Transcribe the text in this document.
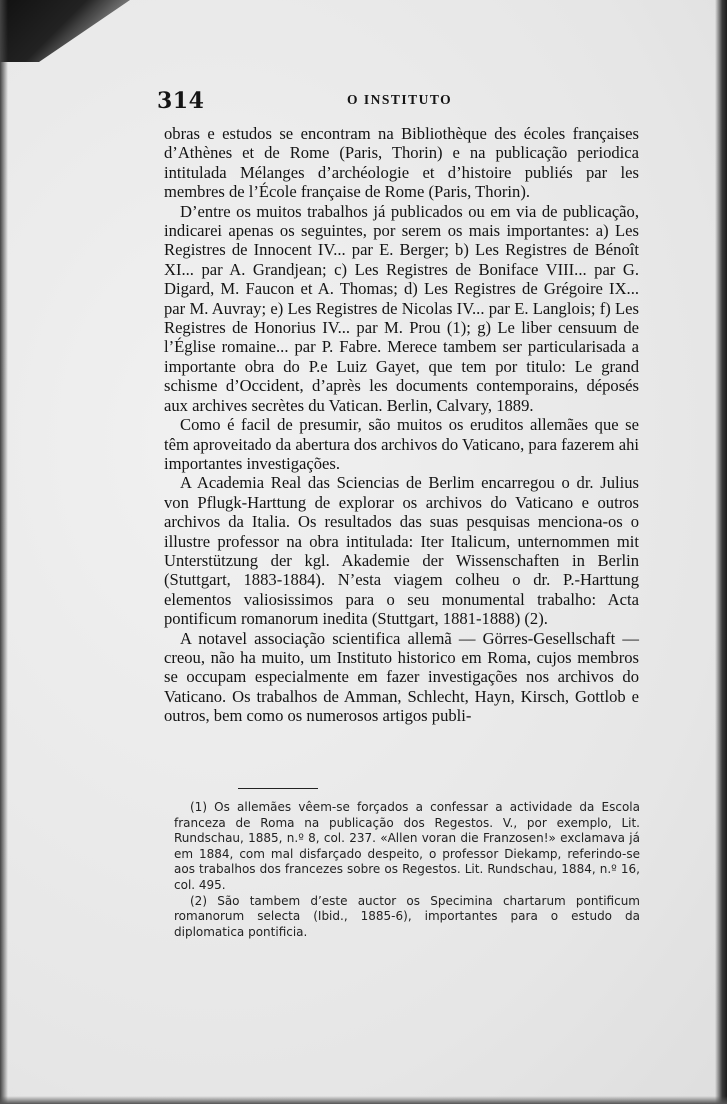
314	O INSTITUTO

obras e estudos se encontram na Bibliothèque des écoles françaises d’Athènes et de Rome (Paris, Thorin) e na publicação periodica intitulada Mélanges d’archéologie et d’histoire publiés par les membres de l’École française de Rome (Paris, Thorin).

D’entre os muitos trabalhos já publicados ou em via de publicação, indicarei apenas os seguintes, por serem os mais importantes: a) Les Registres de Innocent IV... par E. Berger; b) Les Registres de Bénoît XI... par A. Grandjean; c) Les Registres de Boniface VIII... par G. Digard, M. Faucon et A. Thomas; d) Les Registres de Grégoire IX... par M. Auvray; e) Les Registres de Nicolas IV... par E. Langlois; f) Les Registres de Honorius IV... par M. Prou (1); g) Le liber censuum de l’Église romaine... par P. Fabre. Merece tambem ser particularisada a importante obra do P.e Luiz Gayet, que tem por titulo: Le grand schisme d’Occident, d’après les documents contemporains, déposés aux archives secrètes du Vatican. Berlin, Calvary, 1889.

Como é facil de presumir, são muitos os eruditos allemães que se têm aproveitado da abertura dos archivos do Vaticano, para fazerem ahi importantes investigações.

A Academia Real das Sciencias de Berlim encarregou o dr. Julius von Pflugk-Harttung de explorar os archivos do Vaticano e outros archivos da Italia. Os resultados das suas pesquisas menciona-os o illustre professor na obra intitulada: Iter Italicum, unternommen mit Unterstützung der kgl. Akademie der Wissenschaften in Berlin (Stuttgart, 1883-1884). N’esta viagem colheu o dr. P.-Harttung elementos valiosissimos para o seu monumental trabalho: Acta pontificum romanorum inedita (Stuttgart, 1881-1888) (2).

A notavel associação scientifica allemã — Görres-Gesellschaft — creou, não ha muito, um Instituto historico em Roma, cujos membros se occupam especialmente em fazer investigações nos archivos do Vaticano. Os trabalhos de Amman, Schlecht, Hayn, Kirsch, Gottlob e outros, bem como os numerosos artigos publi-

(1) Os allemães vêem-se forçados a confessar a actividade da Escola franceza de Roma na publicação dos Regestos. V., por exemplo, Lit. Rundschau, 1885, n.º 8, col. 237. «Allen voran die Franzosen!» exclamava já em 1884, com mal disfarçado despeito, o professor Diekamp, referindo-se aos trabalhos dos francezes sobre os Regestos. Lit. Rundschau, 1884, n.º 16, col. 495.

(2) São tambem d’este auctor os Specimina chartarum pontificum romanorum selecta (Ibid., 1885-6), importantes para o estudo da diplomatica pontificia.
